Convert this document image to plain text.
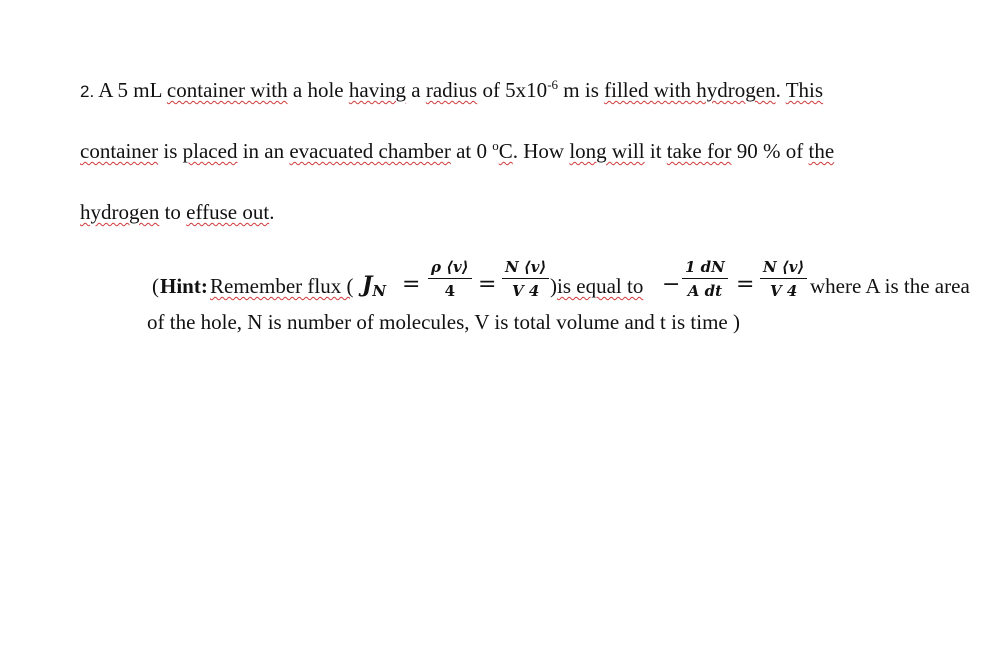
2. A 5 mL container with a hole having a radius of $5x10^{-6}$ m is filled with hydrogen. This
container is placed in an evacuated chamber at 0 $^o$C. How long will it take for 90 % of the
hydrogen to effuse out.
( Hint: Remember flux ( $J_N = \frac{\rho ⟨v⟩}{4} = \frac{N ⟨v⟩}{V 4}$ ) is equal to − $\frac{1 dN}{\text{A dt}} = \frac{N ⟨v⟩}{V 4}$ where A is the area
of the hole, N is number of molecules, V is total volume and t is time )
